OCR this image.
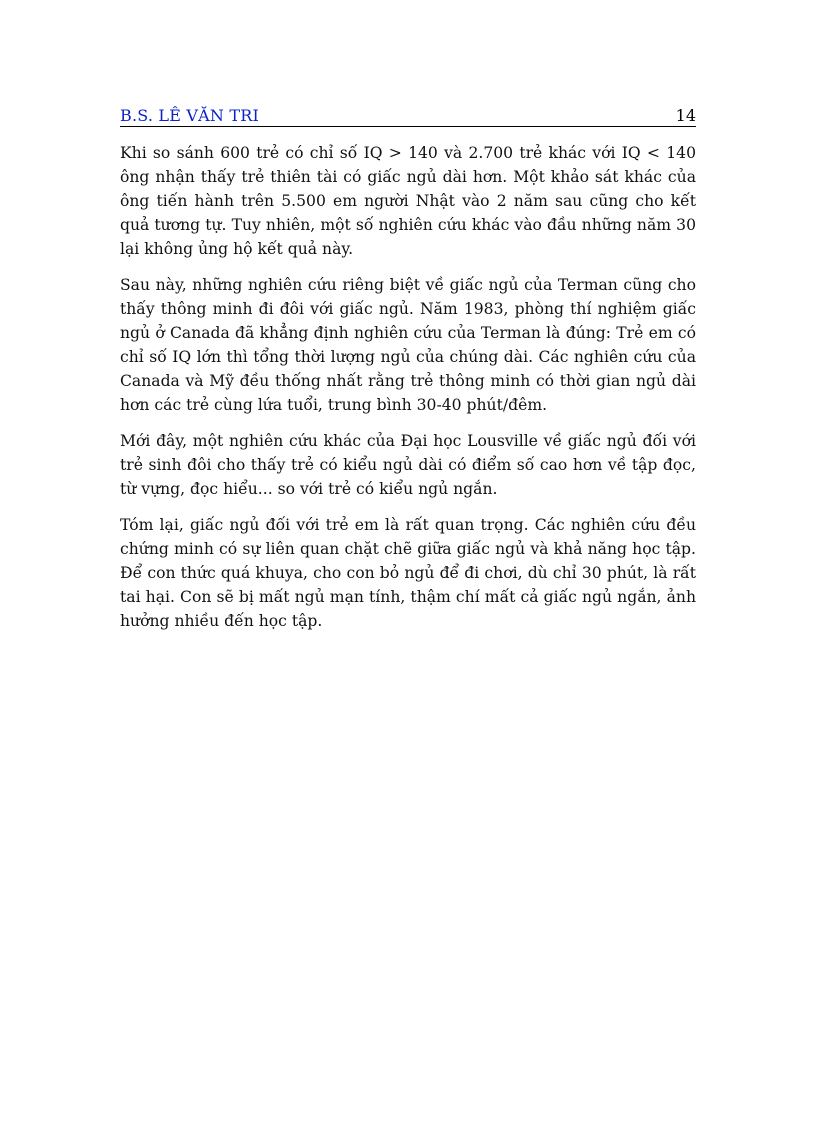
B.S. LÊ VĂN TRI	14

Khi so sánh 600 trẻ có chỉ số IQ > 140 và 2.700 trẻ khác với IQ < 140 ông nhận thấy trẻ thiên tài có giấc ngủ dài hơn. Một khảo sát khác của ông tiến hành trên 5.500 em người Nhật vào 2 năm sau cũng cho kết quả tương tự. Tuy nhiên, một số nghiên cứu khác vào đầu những năm 30 lại không ủng hộ kết quả này.

Sau này, những nghiên cứu riêng biệt về giấc ngủ của Terman cũng cho thấy thông minh đi đôi với giấc ngủ. Năm 1983, phòng thí nghiệm giấc ngủ ở Canada đã khẳng định nghiên cứu của Terman là đúng: Trẻ em có chỉ số IQ lớn thì tổng thời lượng ngủ của chúng dài. Các nghiên cứu của Canada và Mỹ đều thống nhất rằng trẻ thông minh có thời gian ngủ dài hơn các trẻ cùng lứa tuổi, trung bình 30-40 phút/đêm.

Mới đây, một nghiên cứu khác của Đại học Lousville về giấc ngủ đối với trẻ sinh đôi cho thấy trẻ có kiểu ngủ dài có điểm số cao hơn về tập đọc, từ vựng, đọc hiểu... so với trẻ có kiểu ngủ ngắn.

Tóm lại, giấc ngủ đối với trẻ em là rất quan trọng. Các nghiên cứu đều chứng minh có sự liên quan chặt chẽ giữa giấc ngủ và khả năng học tập. Để con thức quá khuya, cho con bỏ ngủ để đi chơi, dù chỉ 30 phút, là rất tai hại. Con sẽ bị mất ngủ mạn tính, thậm chí mất cả giấc ngủ ngắn, ảnh hưởng nhiều đến học tập.
